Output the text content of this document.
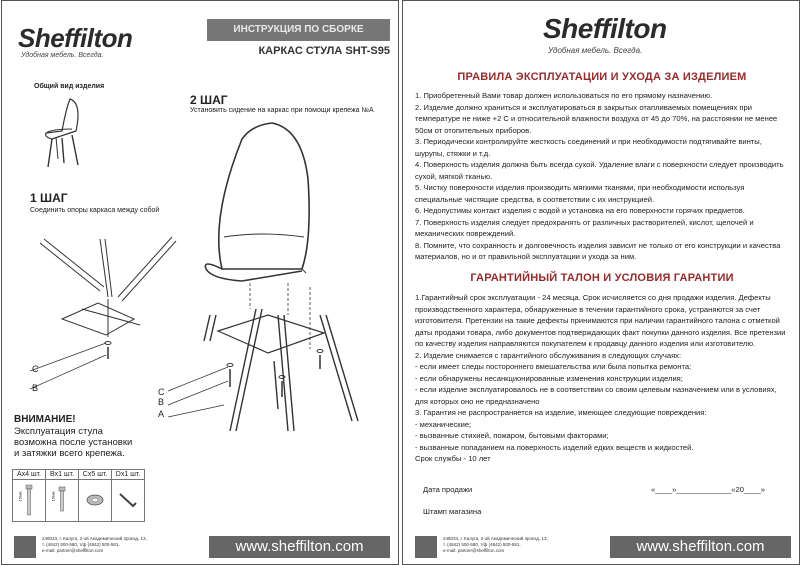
Sheffilton
Удобная мебель. Всегда.
ИНСТРУКЦИЯ ПО СБОРКЕ
КАРКАС СТУЛА SHT-S95
Общий вид изделия
2 ШАГ
Установить сидение на каркас при помощи крепежа №A
1 ШАГ
Соединить опоры каркаса между собой
C
B	C
B
A
ВНИМАНИЕ!
Эксплуатация стула возможна после установки и затяжки всего крепежа.
Ax4 шт.	Bx1 шт.	Cx5 шт.	Dx1 шт.

15мм	15мм

248033, г. Калуга, 2-ой Академический проезд, 13,
т. (4842) 500-580, т/ф (4842) 500-581,
e-mail: partner@sheffilton.com	www.sheffilton.com
Sheffilton
Удобная мебель. Всегда.
ПРАВИЛА ЭКСПЛУАТАЦИИ И УХОДА ЗА ИЗДЕЛИЕМ
1. Приобретенный Вами товар должен использоваться по его прямому назначению.
2. Изделие должно храниться и эксплуатироваться в закрытых отапливаемых помещениях при температуре не ниже +2 С и относительной влажности воздуха от 45 до 70%, на расстоянии не менее 50см от отопительных приборов.
3. Периодически контролируйте жесткость соединений и при необходимости подтягивайте винты, шурупы, стяжки и т.д.
4. Поверхность изделия должна быть всегда сухой. Удаление влаги с поверхности следует производить сухой, мягкой тканью.
5. Чистку поверхности изделия производить мягкими тканями, при необходимости используя специальные чистящие средства, в соответствии с их инструкцией.
6. Недопустимы контакт изделия с водой и установка на его поверхности горячих предметов.
7. Поверхность изделия следует предохранять от различных растворителей, кислот, щелочей и механических повреждений.
8. Помните, что сохранность и долговечность изделия зависит не только от его конструкции и качества материалов, но и от правильной эксплуатации и ухода за ним.
ГАРАНТИЙНЫЙ ТАЛОН И УСЛОВИЯ ГАРАНТИИ
1.Гарантийный срок эксплуатации - 24 месяца. Срок исчисляется со дня продажи изделия. Дефекты производственного характера, обнаруженные в течении гарантийного срока, устраняются за счет изготовителя. Претензии на такие дефекты принимаются при наличии гарантийного талона с отметкой даты продажи товара, либо документов подтверждающих факт покупки данного изделия. Все претензии по качеству изделия направляются покупателем к продавцу данного изделия или изготовителю.
2. Изделие снимается с гарантийного обслуживания в следующих случаях:
- если имеет следы постороннего вмешательства или была попытка ремонта;
- если обнаружены несанкционированные изменения конструкции изделия;
- если изделие эксплуатировалось не в соответствии со своим целевым назначением или в условиях, для которых оно не предназначено
3. Гарантия не распространяется на изделие, имеющее следующие повреждения:
- механические;
- вызванные стихией, пожаром, бытовыми факторами;
- вызванные попаданием на поверхность изделий едких веществ и жидкостей.
Срок службы - 10 лет
Дата продажи	«____»_____________«20____»
Штамп магазина
248033, г. Калуга, 2-ой Академический проезд, 13,
т. (4842) 500-580, т/ф (4842) 500-581,
e-mail: partner@sheffilton.com	www.sheffilton.com
